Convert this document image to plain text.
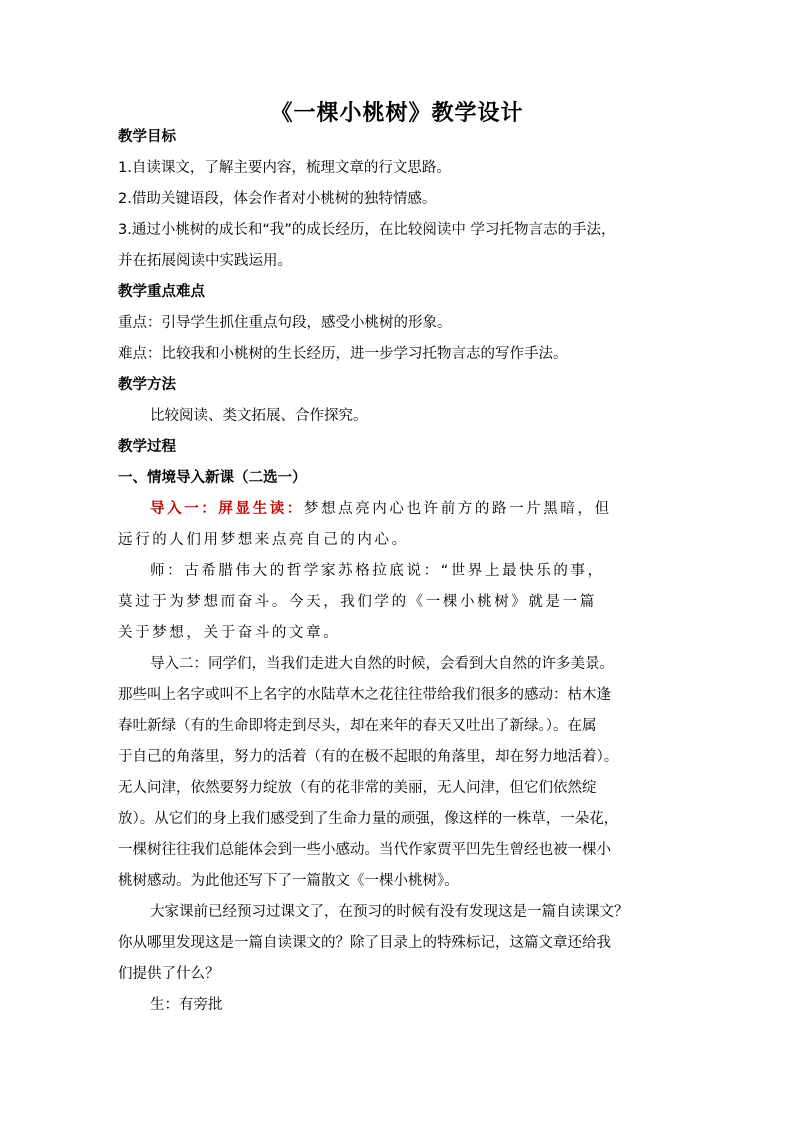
《一棵小桃树》教学设计

教学目标

1.自读课文，了解主要内容，梳理文章的行文思路。

2.借助关键语段，体会作者对小桃树的独特情感。

3.通过小桃树的成长和“我”的成长经历，在比较阅读中 学习托物言志的手法，

并在拓展阅读中实践运用。

教学重点难点

重点：引导学生抓住重点句段，感受小桃树的形象。

难点：比较我和小桃树的生长经历，进一步学习托物言志的写作手法。

教学方法

比较阅读、类文拓展、合作探究。

教学过程

一、情境导入新课（二选一）

导入一：屏显生读：梦想点亮内心也许前方的路一片黑暗，但

远行的人们用梦想来点亮自己的内心。

师：古希腊伟大的哲学家苏格拉底说：“世界上最快乐的事，

莫过于为梦想而奋斗。今天，我们学的《一棵小桃树》就是一篇

关于梦想，关于奋斗的文章。

导入二：同学们，当我们走进大自然的时候，会看到大自然的许多美景。

那些叫上名字或叫不上名字的水陆草木之花往往带给我们很多的感动：枯木逢

春吐新绿（有的生命即将走到尽头，却在来年的春天又吐出了新绿。）。在属

于自己的角落里，努力的活着（有的在极不起眼的角落里，却在努力地活着）。

无人问津，依然要努力绽放（有的花非常的美丽，无人问津，但它们依然绽

放）。从它们的身上我们感受到了生命力量的顽强，像这样的一株草，一朵花，

一棵树往往我们总能体会到一些小感动。当代作家贾平凹先生曾经也被一棵小

桃树感动。为此他还写下了一篇散文《一棵小桃树》。

大家课前已经预习过课文了，在预习的时候有没有发现这是一篇自读课文？

你从哪里发现这是一篇自读课文的？除了目录上的特殊标记，这篇文章还给我

们提供了什么？

生：有旁批
